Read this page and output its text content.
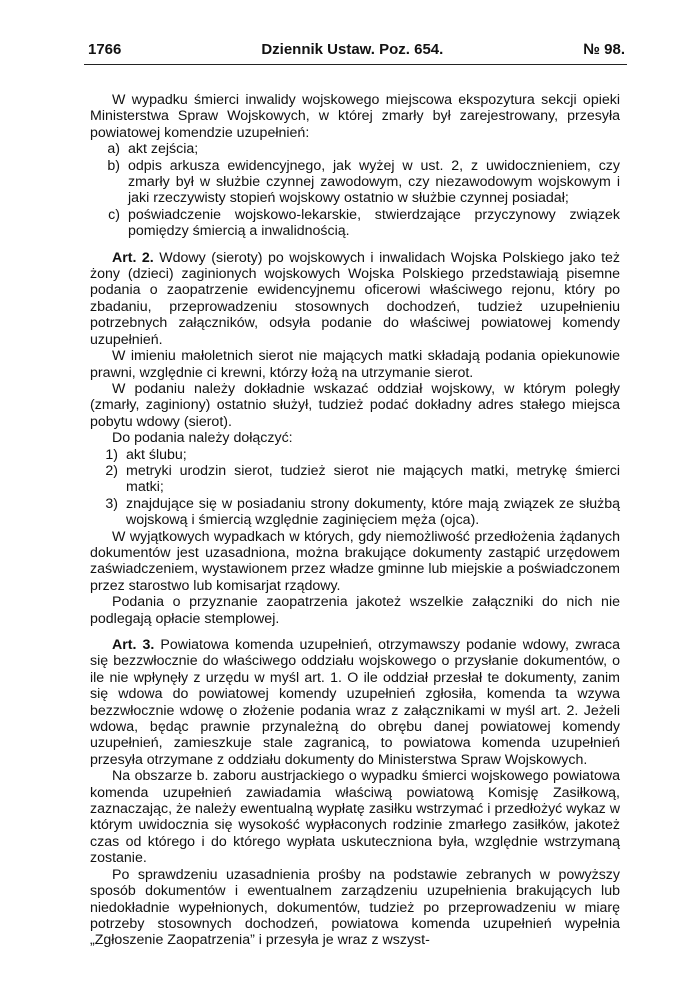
1766	Dziennik Ustaw. Poz. 654.	№ 98.

W wypadku śmierci inwalidy wojskowego miejscowa ekspozytura sekcji opieki Ministerstwa Spraw Wojskowych, w której zmarły był zarejestrowany, przesyła powiatowej komendzie uzupełnień:

a) akt zejścia;
b) odpis arkusza ewidencyjnego, jak wyżej w ust. 2, z uwidocznieniem, czy zmarły był w służbie czynnej zawodowym, czy niezawodowym wojskowym i jaki rzeczywisty stopień wojskowy ostatnio w służbie czynnej posiadał;
c) poświadczenie wojskowo-lekarskie, stwierdzające przyczynowy związek pomiędzy śmiercią a inwalidnością.

Art. 2. Wdowy (sieroty) po wojskowych i inwalidach Wojska Polskiego jako też żony (dzieci) zaginionych wojskowych Wojska Polskiego przedstawiają pisemne podania o zaopatrzenie ewidencyjnemu oficerowi właściwego rejonu, który po zbadaniu, przeprowadzeniu stosownych dochodzeń, tudzież uzupełnieniu potrzebnych załączników, odsyła podanie do właściwej powiatowej komendy uzupełnień.

W imieniu małoletnich sierot nie mających matki składają podania opiekunowie prawni, względnie ci krewni, którzy łożą na utrzymanie sierot.

W podaniu należy dokładnie wskazać oddział wojskowy, w którym poległy (zmarły, zaginiony) ostatnio służył, tudzież podać dokładny adres stałego miejsca pobytu wdowy (sierot).

Do podania należy dołączyć:

1) akt ślubu;
2) metryki urodzin sierot, tudzież sierot nie mających matki, metrykę śmierci matki;
3) znajdujące się w posiadaniu strony dokumenty, które mają związek ze służbą wojskową i śmiercią względnie zaginięciem męża (ojca).

W wyjątkowych wypadkach w których, gdy niemożliwość przedłożenia żądanych dokumentów jest uzasadniona, można brakujące dokumenty zastąpić urzędowem zaświadczeniem, wystawionem przez władze gminne lub miejskie a poświadczonem przez starostwo lub komisarjat rządowy.

Podania o przyznanie zaopatrzenia jakoteż wszelkie załączniki do nich nie podlegają opłacie stemplowej.

Art. 3. Powiatowa komenda uzupełnień, otrzymawszy podanie wdowy, zwraca się bezzwłocznie do właściwego oddziału wojskowego o przysłanie dokumentów, o ile nie wpłynęły z urzędu w myśl art. 1. O ile oddział przesłał te dokumenty, zanim się wdowa do powiatowej komendy uzupełnień zgłosiła, komenda ta wzywa bezzwłocznie wdowę o złożenie podania wraz z załącznikami w myśl art. 2. Jeżeli wdowa, będąc prawnie przynależną do obrębu danej powiatowej komendy uzupełnień, zamieszkuje stale zagranicą, to powiatowa komenda uzupełnień przesyła otrzymane z oddziału dokumenty do Ministerstwa Spraw Wojskowych.

Na obszarze b. zaboru austrjackiego o wypadku śmierci wojskowego powiatowa komenda uzupełnień zawiadamia właściwą powiatową Komisję Zasiłkową, zaznaczając, że należy ewentualną wypłatę zasiłku wstrzymać i przedłożyć wykaz w którym uwidocznia się wysokość wypłaconych rodzinie zmarłego zasiłków, jakoteż czas od którego i do którego wypłata uskuteczniona była, względnie wstrzymaną zostanie.

Po sprawdzeniu uzasadnienia prośby na podstawie zebranych w powyższy sposób dokumentów i ewentualnem zarządzeniu uzupełnienia brakujących lub niedokładnie wypełnionych, dokumentów, tudzież po przeprowadzeniu w miarę potrzeby stosownych dochodzeń, powiatowa komenda uzupełnień wypełnia „Zgłoszenie Zaopatrzenia” i przesyła je wraz z wszyst-
